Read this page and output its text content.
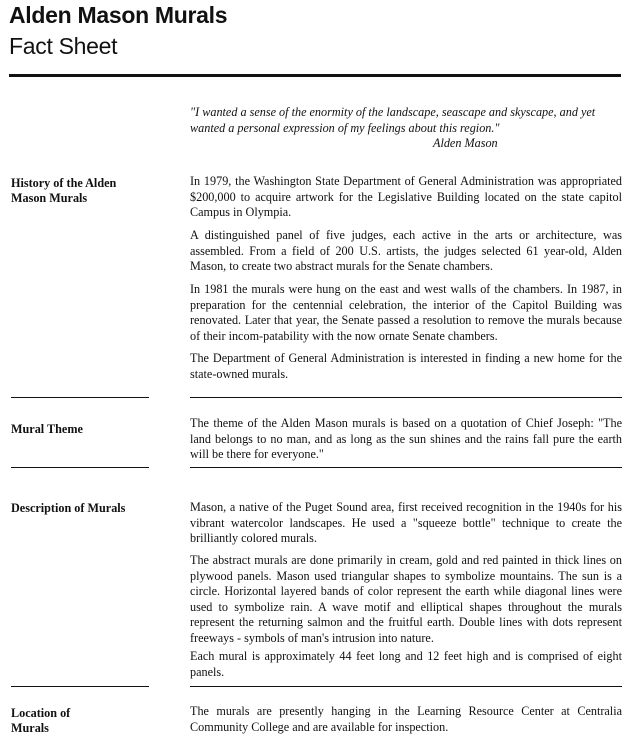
Alden Mason Murals
Fact Sheet
"I wanted a sense of the enormity of the landscape, seascape and skyscape, and yet wanted a personal expression of my feelings about this region."
Alden Mason
History of the Alden Mason Murals
In 1979, the Washington State Department of General Administration was appropriated $200,000 to acquire artwork for the Legislative Building located on the state capitol Campus in Olympia.
A distinguished panel of five judges, each active in the arts or architecture, was assembled. From a field of 200 U.S. artists, the judges selected 61 year-old, Alden Mason, to create two abstract murals for the Senate chambers.
In 1981 the murals were hung on the east and west walls of the chambers. In 1987, in preparation for the centennial celebration, the interior of the Capitol Building was renovated. Later that year, the Senate passed a resolution to remove the murals because of their incom-patability with the now ornate Senate chambers.
The Department of General Administration is interested in finding a new home for the state-owned murals.
Mural Theme	The theme of the Alden Mason murals is based on a quotation of Chief Joseph: "The land belongs to no man, and as long as the sun shines and the rains fall pure the earth will be there for everyone."
Description of Murals	Mason, a native of the Puget Sound area, first received recognition in the 1940s for his vibrant watercolor landscapes. He used a "squeeze bottle" technique to create the brilliantly colored murals.
The abstract murals are done primarily in cream, gold and red painted in thick lines on plywood panels. Mason used triangular shapes to symbolize mountains. The sun is a circle. Horizontal layered bands of color represent the earth while diagonal lines were used to symbolize rain. A wave motif and elliptical shapes throughout the murals represent the returning salmon and the fruitful earth. Double lines with dots represent freeways - symbols of man's intrusion into nature.
Each mural is approximately 44 feet long and 12 feet high and is comprised of eight panels.
Location of Murals
The murals are presently hanging in the Learning Resource Center at Centralia Community College and are available for inspection.
